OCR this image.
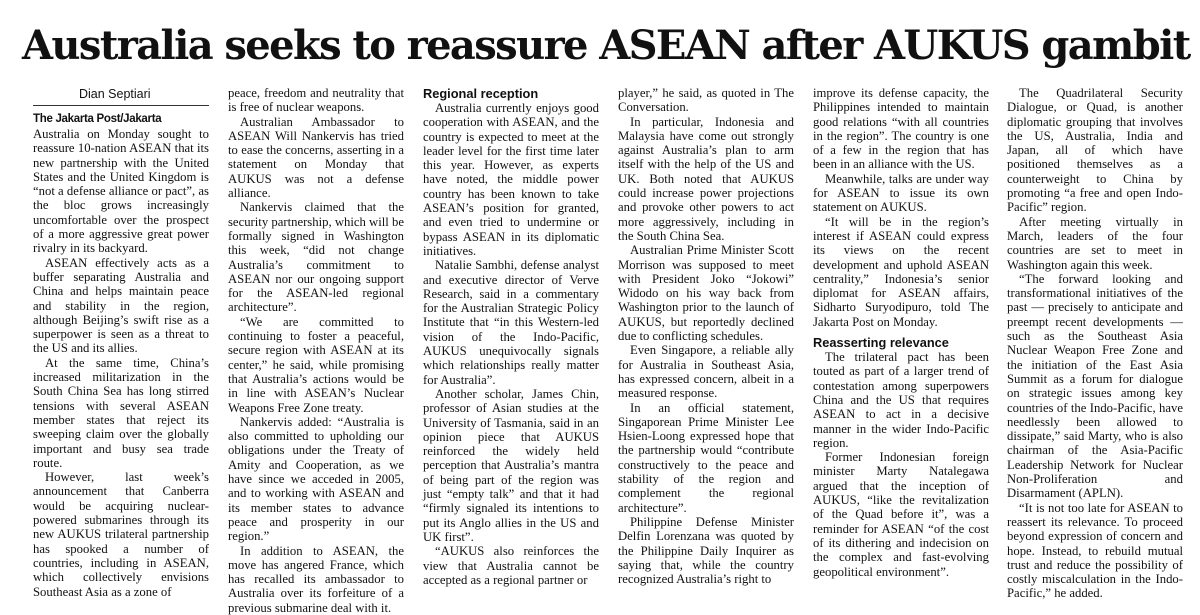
Australia seeks to reassure ASEAN after AUKUS gambit

Dian Septiari

The Jakarta Post/Jakarta

Australia on Monday sought to reassure 10-nation ASEAN that its new partnership with the United States and the United Kingdom is “not a defense alliance or pact”, as the bloc grows increasingly uncomfortable over the prospect of a more aggressive great power rivalry in its backyard.

ASEAN effectively acts as a buffer separating Australia and China and helps maintain peace and stability in the region, although Beijing’s swift rise as a superpower is seen as a threat to the US and its allies.

At the same time, China’s increased militarization in the South China Sea has long stirred tensions with several ASEAN member states that reject its sweeping claim over the globally important and busy sea trade route.

However, last week’s announcement that Canberra would be acquiring nuclear-powered submarines through its new AUKUS trilateral partnership has spooked a number of countries, including in ASEAN, which collectively envisions Southeast Asia as a zone of

peace, freedom and neutrality that is free of nuclear weapons.

Australian Ambassador to ASEAN Will Nankervis has tried to ease the concerns, asserting in a statement on Monday that AUKUS was not a defense alliance.

Nankervis claimed that the security partnership, which will be formally signed in Washington this week, “did not change Australia’s commitment to ASEAN nor our ongoing support for the ASEAN-led regional architecture”.

“We are committed to continuing to foster a peaceful, secure region with ASEAN at its center,” he said, while promising that Australia’s actions would be in line with ASEAN’s Nuclear Weapons Free Zone treaty.

Nankervis added: “Australia is also committed to upholding our obligations under the Treaty of Amity and Cooperation, as we have since we acceded in 2005, and to working with ASEAN and its member states to advance peace and prosperity in our region.”

In addition to ASEAN, the move has angered France, which has recalled its ambassador to Australia over its forfeiture of a previous submarine deal with it.

Regional reception

Australia currently enjoys good cooperation with ASEAN, and the country is expected to meet at the leader level for the first time later this year. However, as experts have noted, the middle power country has been known to take ASEAN’s position for granted, and even tried to undermine or bypass ASEAN in its diplomatic initiatives.

Natalie Sambhi, defense analyst and executive director of Verve Research, said in a commentary for the Australian Strategic Policy Institute that “in this Western-led vision of the Indo-Pacific, AUKUS unequivocally signals which relationships really matter for Australia”.

Another scholar, James Chin, professor of Asian studies at the University of Tasmania, said in an opinion piece that AUKUS reinforced the widely held perception that Australia’s mantra of being part of the region was just “empty talk” and that it had “firmly signaled its intentions to put its Anglo allies in the US and UK first”.

“AUKUS also reinforces the view that Australia cannot be accepted as a regional partner or

player,” he said, as quoted in The Conversation.

In particular, Indonesia and Malaysia have come out strongly against Australia’s plan to arm itself with the help of the US and UK. Both noted that AUKUS could increase power projections and provoke other powers to act more aggressively, including in the South China Sea.

Australian Prime Minister Scott Morrison was supposed to meet with President Joko “Jokowi” Widodo on his way back from Washington prior to the launch of AUKUS, but reportedly declined due to conflicting schedules.

Even Singapore, a reliable ally for Australia in Southeast Asia, has expressed concern, albeit in a measured response.

In an official statement, Singaporean Prime Minister Lee Hsien-Loong expressed hope that the partnership would “contribute constructively to the peace and stability of the region and complement the regional architecture”.

Philippine Defense Minister Delfin Lorenzana was quoted by the Philippine Daily Inquirer as saying that, while the country recognized Australia’s right to

improve its defense capacity, the Philippines intended to maintain good relations “with all countries in the region”. The country is one of a few in the region that has been in an alliance with the US.

Meanwhile, talks are under way for ASEAN to issue its own statement on AUKUS.

“It will be in the region’s interest if ASEAN could express its views on the recent development and uphold ASEAN centrality,” Indonesia’s senior diplomat for ASEAN affairs, Sidharto Suryodipuro, told The Jakarta Post on Monday.

Reasserting relevance

The trilateral pact has been touted as part of a larger trend of contestation among superpowers China and the US that requires ASEAN to act in a decisive manner in the wider Indo-Pacific region.

Former Indonesian foreign minister Marty Natalegawa argued that the inception of AUKUS, “like the revitalization of the Quad before it”, was a reminder for ASEAN “of the cost of its dithering and indecision on the complex and fast-evolving geopolitical environment”.

The Quadrilateral Security Dialogue, or Quad, is another diplomatic grouping that involves the US, Australia, India and Japan, all of which have positioned themselves as a counterweight to China by promoting “a free and open Indo-Pacific” region.

After meeting virtually in March, leaders of the four countries are set to meet in Washington again this week.

“The forward looking and transformational initiatives of the past — precisely to anticipate and preempt recent developments — such as the Southeast Asia Nuclear Weapon Free Zone and the initiation of the East Asia Summit as a forum for dialogue on strategic issues among key countries of the Indo-Pacific, have needlessly been allowed to dissipate,” said Marty, who is also chairman of the Asia-Pacific Leadership Network for Nuclear Non-Proliferation and Disarmament (APLN).

“It is not too late for ASEAN to reassert its relevance. To proceed beyond expression of concern and hope. Instead, to rebuild mutual trust and reduce the possibility of costly miscalculation in the Indo-Pacific,” he added.
